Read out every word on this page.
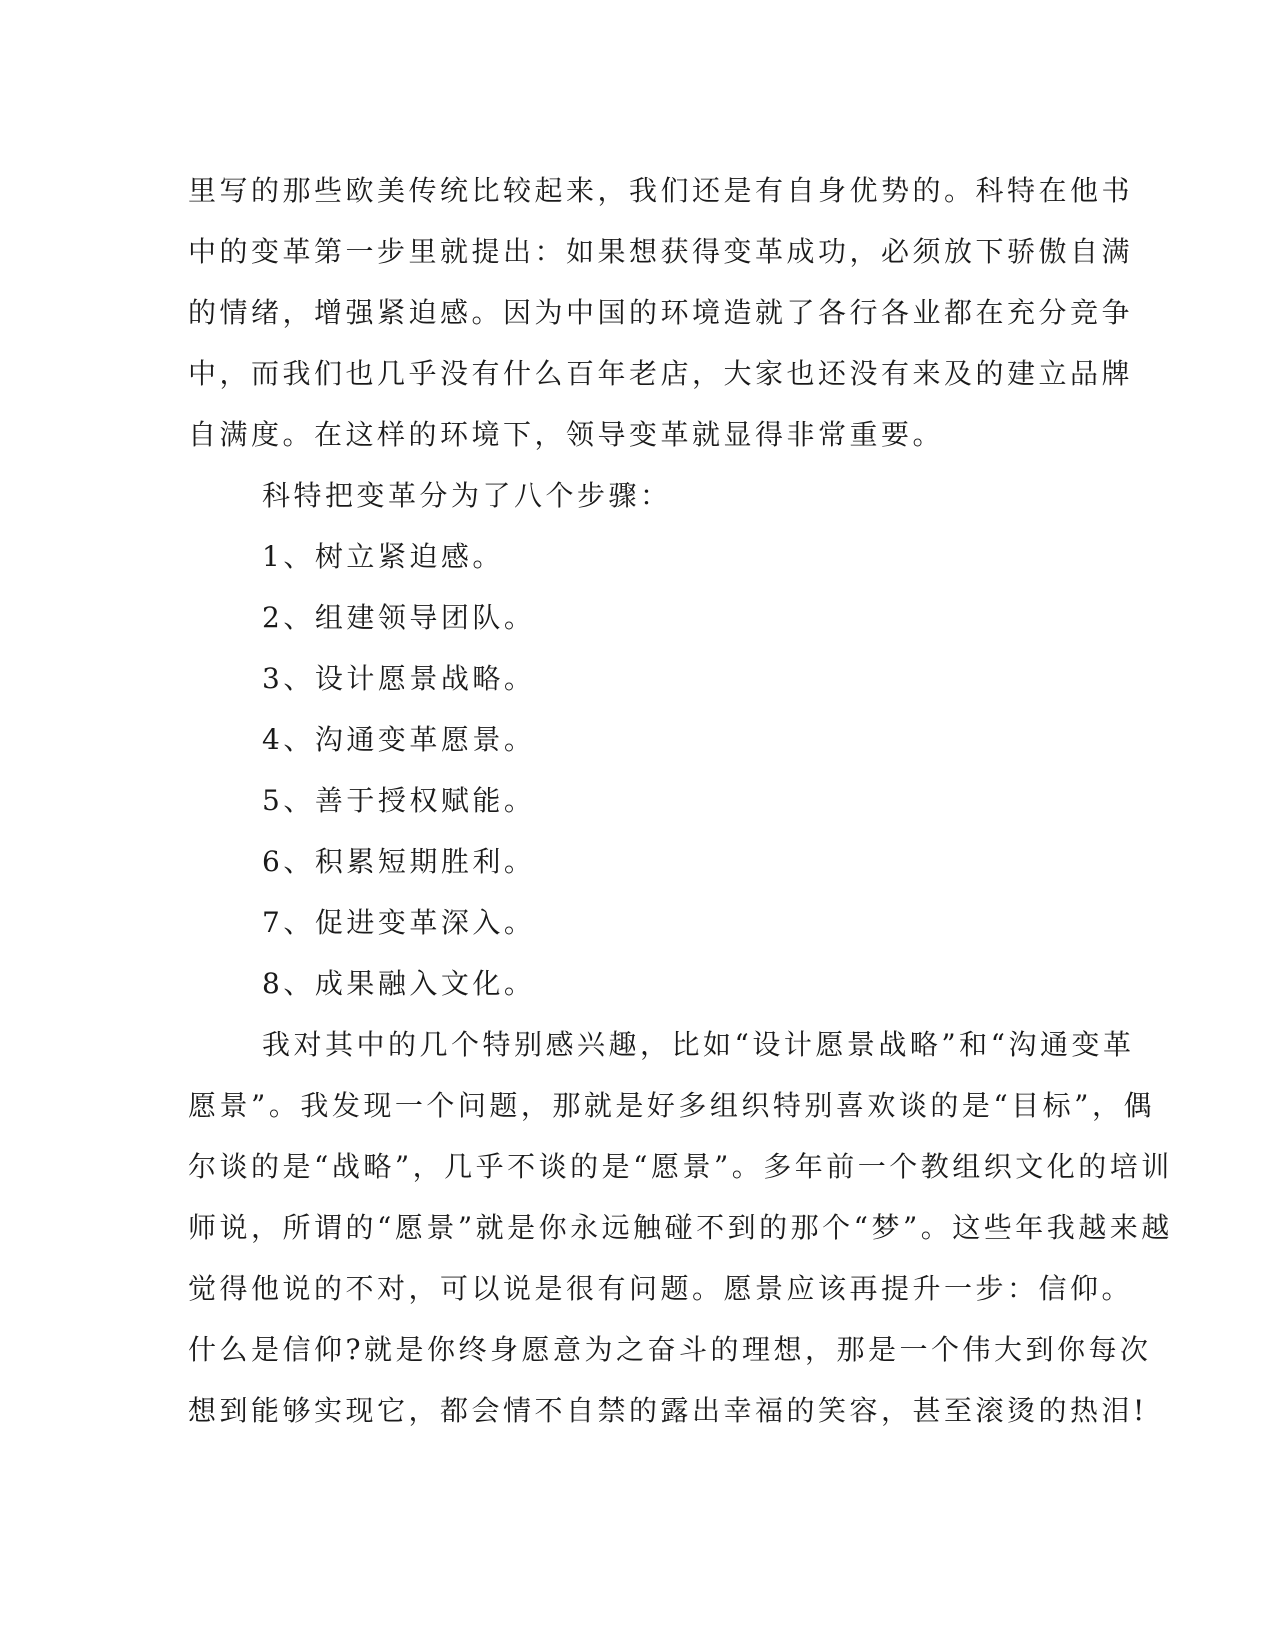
里写的那些欧美传统比较起来，我们还是有自身优势的。科特在他书
中的变革第一步里就提出：如果想获得变革成功，必须放下骄傲自满
的情绪，增强紧迫感。因为中国的环境造就了各行各业都在充分竞争
中，而我们也几乎没有什么百年老店，大家也还没有来及的建立品牌
自满度。在这样的环境下，领导变革就显得非常重要。
科特把变革分为了八个步骤：
1、树立紧迫感。
2、组建领导团队。
3、设计愿景战略。
4、沟通变革愿景。
5、善于授权赋能。
6、积累短期胜利。
7、促进变革深入。
8、成果融入文化。
我对其中的几个特别感兴趣，比如“设计愿景战略”和“沟通变革
愿景”。我发现一个问题，那就是好多组织特别喜欢谈的是“目标”，偶
尔谈的是“战略”，几乎不谈的是“愿景”。多年前一个教组织文化的培训
师说，所谓的“愿景”就是你永远触碰不到的那个“梦”。这些年我越来越
觉得他说的不对，可以说是很有问题。愿景应该再提升一步：信仰。
什么是信仰?就是你终身愿意为之奋斗的理想，那是一个伟大到你每次
想到能够实现它，都会情不自禁的露出幸福的笑容，甚至滚烫的热泪!
